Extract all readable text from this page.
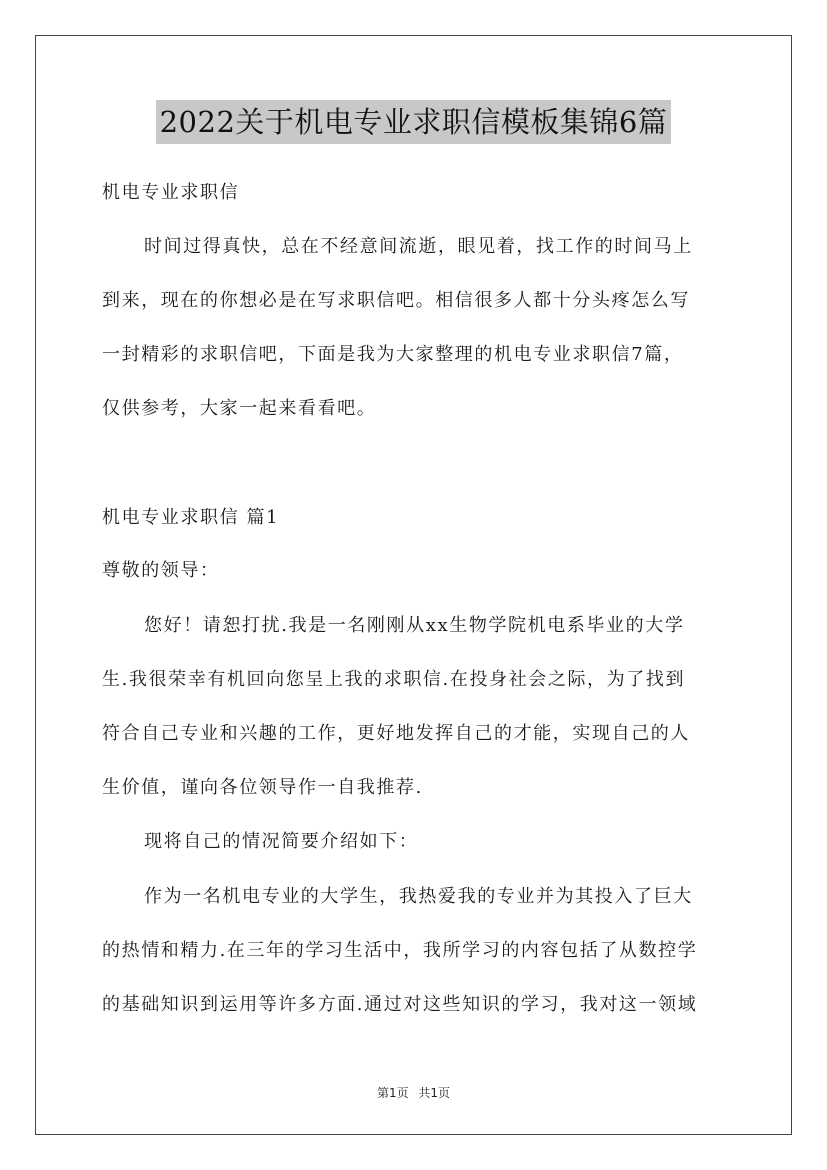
2022关于机电专业求职信模板集锦6篇
机电专业求职信
时间过得真快，总在不经意间流逝，眼见着，找工作的时间马上
到来，现在的你想必是在写求职信吧。相信很多人都十分头疼怎么写
一封精彩的求职信吧，下面是我为大家整理的机电专业求职信7篇，
仅供参考，大家一起来看看吧。
机电专业求职信 篇1
尊敬的领导：
您好！请恕打扰.我是一名刚刚从xx生物学院机电系毕业的大学
生.我很荣幸有机回向您呈上我的求职信.在投身社会之际，为了找到
符合自己专业和兴趣的工作，更好地发挥自己的才能，实现自己的人
生价值，谨向各位领导作一自我推荐.
现将自己的情况简要介绍如下：
作为一名机电专业的大学生，我热爱我的专业并为其投入了巨大
的热情和精力.在三年的学习生活中，我所学习的内容包括了从数控学
的基础知识到运用等许多方面.通过对这些知识的学习，我对这一领域
第1页 共1页
